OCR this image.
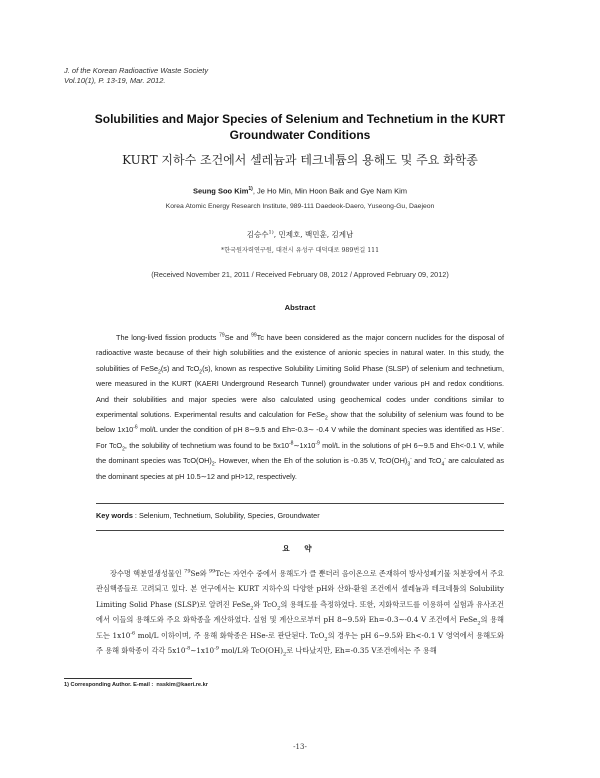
J. of the Korean Radioactive Waste Society
Vol.10(1), P. 13-19, Mar. 2012.
Solubilities and Major Species of Selenium and Technetium in the KURT
Groundwater Conditions
KURT 지하수 조건에서 셀레늄과 테크네튬의 용해도 및 주요 화학종
Seung Soo Kim$^{1)}$, Je Ho Min, Min Hoon Baik and Gye Nam Kim
Korea Atomic Energy Research Institute, 989-111 Daedeok-Daero, Yuseong-Gu, Daejeon
김승수$^{1)}$, 민제호, 백민훈, 김계남
*한국원자력연구원, 대전시 유성구 대덕대로 989번길 111
(Received November 21, 2011 / Received February 08, 2012 / Approved February 09, 2012)
Abstract

The long-lived fission products $^{79}$Se and $^{99}$Tc have been considered as the major concern nuclides for the disposal of radioactive waste because of their high solubilities and the existence of anionic species in natural water. In this study, the solubilities of FeSe$_2$(s) and TcO$_2$(s), known as respective Solubility Limiting Solid Phase (SLSP) of selenium and technetium, were measured in the KURT (KAERI Underground Research Tunnel) groundwater under various pH and redox conditions. And their solubilities and major species were also calculated using geochemical codes under conditions similar to experimental solutions. Experimental results and calculation for FeSe$_2$ show that the solubility of selenium was found to be below $1x10^{-6}$ mol/L under the condition of pH 8∼9.5 and Eh=-0.3∼ -0.4 V while the dominant species was identified as HSe-. For TcO$_2$, the solubility of technetium was found to be $5x10^{-8}\sim 1x10^{-9}$ mol/L in the solutions of pH 6∼9.5 and Eh<-0.1 V, while the dominant species was $TcO(OH)_2$. However, when the Eh of the solution is -0.35 V, $TcO(OH)_3^-$ and TcO$_4$- are calculated as the dominant species at pH 10.5∼12 and pH>12, respectively.

Key words : Selenium, Technetium, Solubility, Species, Groundwater
요 약

장수명 핵분열생성물인 $^{79}$Se와 $^{99}$Tc는 자연수 중에서 용해도가 클 뿐더러 음이온으로 존재하여 방사성폐기물 처분장에서 주요 관심핵종들로 고려되고 있다. 본 연구에서는 KURT 지하수의 다양한 pH와 산화-환원 조건에서 셀레늄과 테크네튬의 Solubility Limiting Solid Phase (SLSP)로 알려진 FeSe$_2$와 TcO$_2$의 용해도를 측정하였다. 또한, 지화학코드를 이용하여 실험과 유사조건에서 이들의 용해도와 주요 화학종을 계산하였다. 실험 및 계산으로부터 pH 8∼9.5와 Eh=-0.3∼-0.4 V 조건에서 FeSe$_2$의 용해도는 $1x10^{-6}$ mol/L 이하이며, 주 용해 화학종은 HSe-로 판단된다. TcO$_2$의 경우는 pH 6∼9.5와 Eh<-0.1 V 영역에서 용해도와 주 용해 화학종이 각각 $5x10^{-8}\sim 1x10^{-9}$ mol/L와 $TcO(OH)_2$로 나타났지만, Eh=-0.35 V조건에서는 주 용해

1) Corresponding Author. E-mail : nsskim@kaeri.re.kr
-13-
